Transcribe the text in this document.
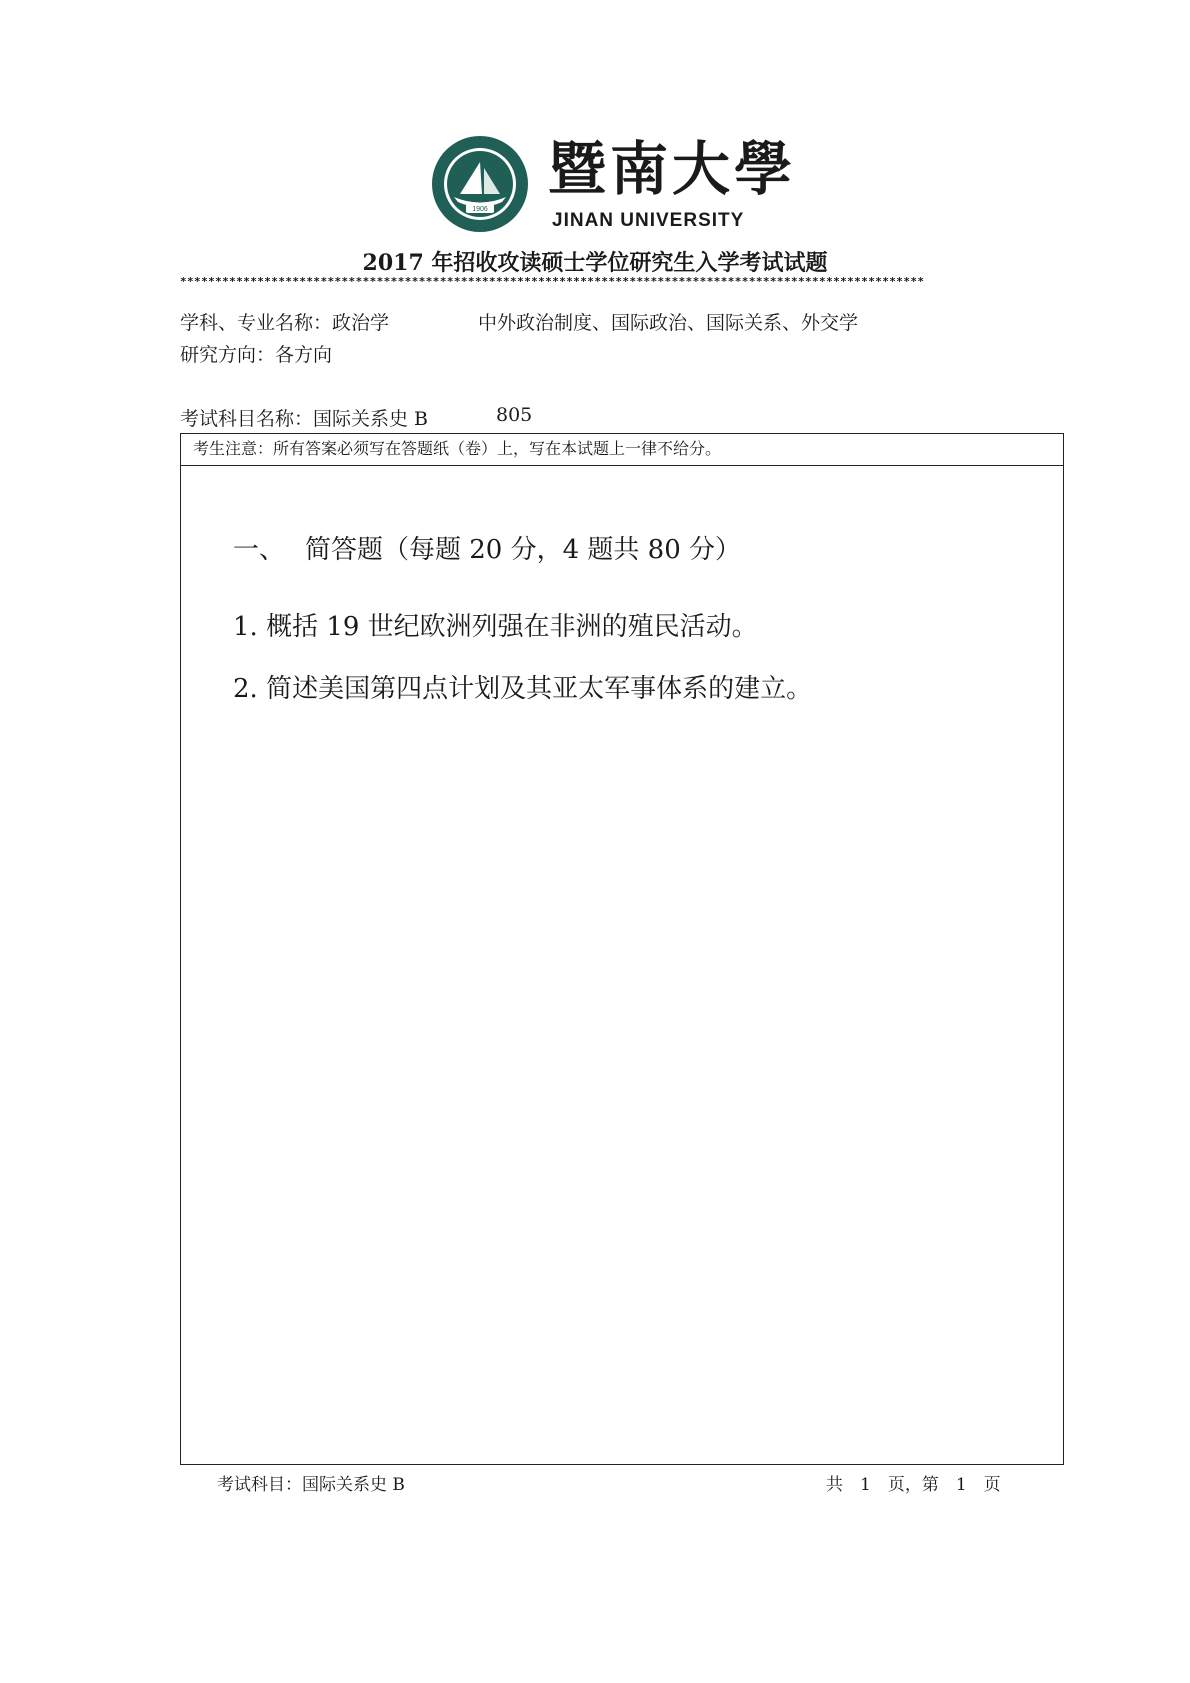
1906
暨南大學
JINAN UNIVERSITY
2017 年招收攻读硕士学位研究生入学考试试题
**********************************************************************************************************
学科、专业名称：政治学	中外政治制度、国际政治、国际关系、外交学
研究方向：各方向
考试科目名称：国际关系史 B	805
考生注意：所有答案必须写在答题纸（卷）上，写在本试题上一律不给分。
一、 简答题（每题 20 分，4 题共 80 分）
1. 概括 19 世纪欧洲列强在非洲的殖民活动。
2. 简述美国第四点计划及其亚太军事体系的建立。
考试科目：国际关系史 B	共　1　页，第　1　页
